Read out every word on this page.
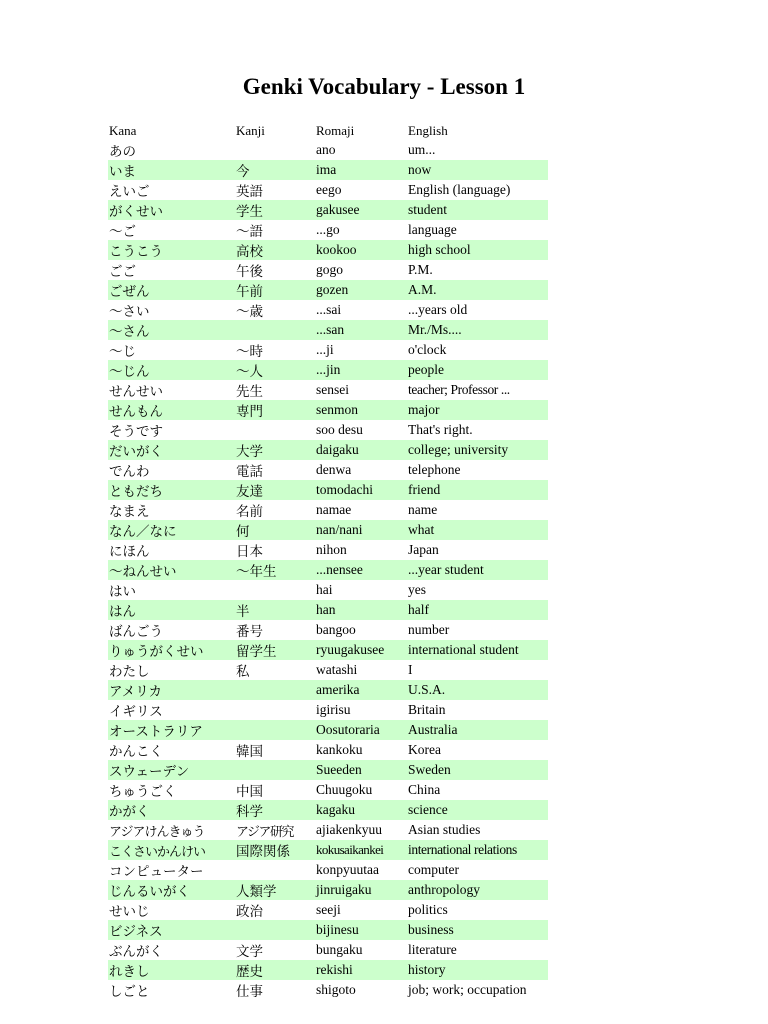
Genki Vocabulary - Lesson 1
Kana	Kanji	Romaji	English
あの		ano	um...
いま	今	ima	now
えいご	英語	eego	English (language)
がくせい	学生	gakusee	student
〜ご	〜語	...go	language
こうこう	高校	kookoo	high school
ごご	午後	gogo	P.M.
ごぜん	午前	gozen	A.M.
〜さい	〜歳	...sai	...years old
〜さん		...san	Mr./Ms....
〜じ	〜時	...ji	o'clock
〜じん	〜人	...jin	people
せんせい	先生	sensei	teacher; Professor ...
せんもん	専門	senmon	major
そうです		soo desu	That's right.
だいがく	大学	daigaku	college; university
でんわ	電話	denwa	telephone
ともだち	友達	tomodachi	friend
なまえ	名前	namae	name
なん／なに	何	nan/nani	what
にほん	日本	nihon	Japan
〜ねんせい	〜年生	...nensee	...year student
はい		hai	yes
はん	半	han	half
ばんごう	番号	bangoo	number
りゅうがくせい	留学生	ryuugakusee	international student
わたし	私	watashi	I
アメリカ		amerika	U.S.A.
イギリス		igirisu	Britain
オーストラリア		Oosutoraria	Australia
かんこく	韓国	kankoku	Korea
スウェーデン		Sueeden	Sweden
ちゅうごく	中国	Chuugoku	China
かがく	科学	kagaku	science
アジアけんきゅう	アジア研究	ajiakenkyuu	Asian studies
こくさいかんけい	国際関係	kokusaikankei	international relations
コンピューター		konpyuutaa	computer
じんるいがく	人類学	jinruigaku	anthropology
せいじ	政治	seeji	politics
ビジネス		bijinesu	business
ぶんがく	文学	bungaku	literature
れきし	歴史	rekishi	history
しごと	仕事	shigoto	job; work; occupation
